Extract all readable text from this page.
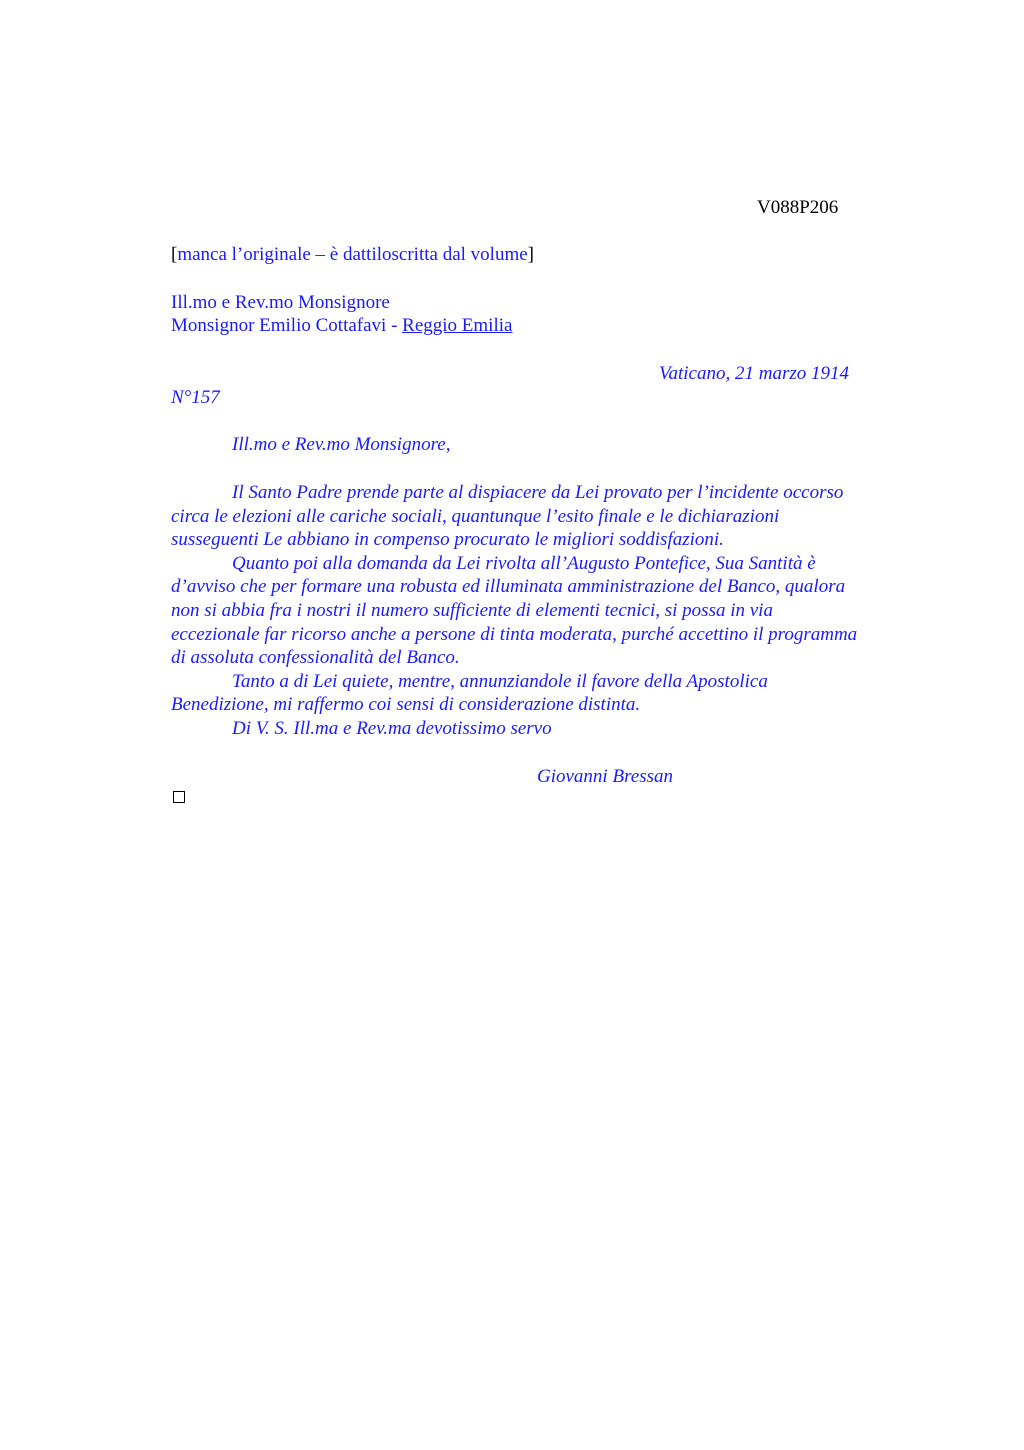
V088P206
[manca l’originale – è dattiloscritta dal volume]
Ill.mo e Rev.mo Monsignore
Monsignor Emilio Cottafavi - Reggio Emilia
Vaticano, 21 marzo 1914
N°157
Ill.mo e Rev.mo Monsignore,
Il Santo Padre prende parte al dispiacere da Lei provato per l’incidente occorso
circa le elezioni alle cariche sociali, quantunque l’esito finale e le dichiarazioni
susseguenti Le abbiano in compenso procurato le migliori soddisfazioni.
Quanto poi alla domanda da Lei rivolta all’Augusto Pontefice, Sua Santità è
d’avviso che per formare una robusta ed illuminata amministrazione del Banco, qualora
non si abbia fra i nostri il numero sufficiente di elementi tecnici, si possa in via
eccezionale far ricorso anche a persone di tinta moderata, purché accettino il programma
di assoluta confessionalità del Banco.
Tanto a di Lei quiete, mentre, annunziandole il favore della Apostolica
Benedizione, mi raffermo coi sensi di considerazione distinta.
Di V. S. Ill.ma e Rev.ma devotissimo servo
Giovanni Bressan
